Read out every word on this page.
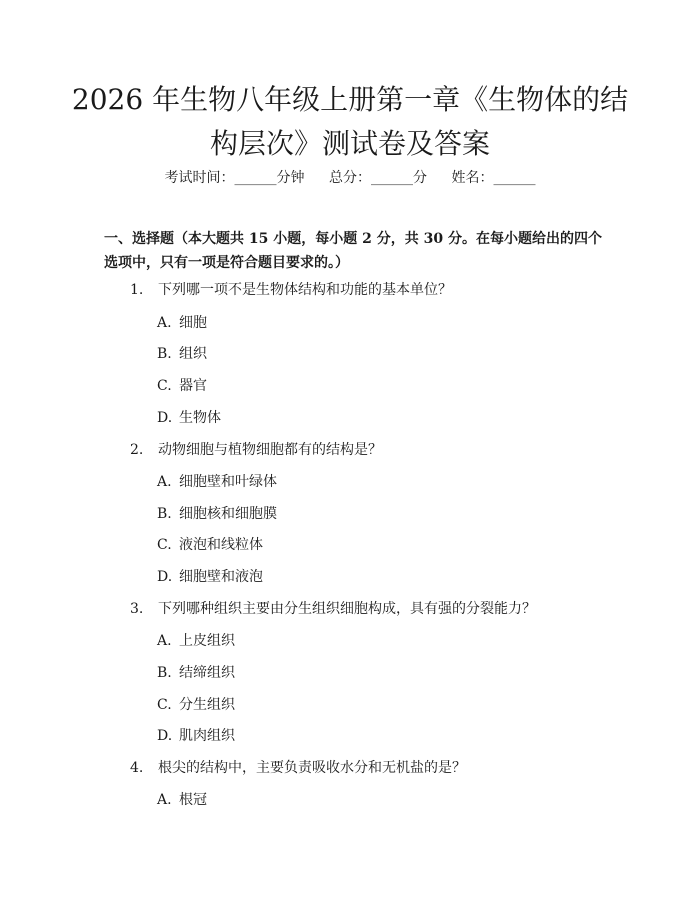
2026 年生物八年级上册第一章《生物体的结
构层次》测试卷及答案
考试时间：______分钟 总分：______分 姓名：______

一、选择题（本大题共 15 小题，每小题 2 分，共 30 分。在每小题给出的四个选项中，只有一项是符合题目要求的。）

1. 下列哪一项不是生物体结构和功能的基本单位？
A. 细胞
B. 组织
C. 器官
D. 生物体
2. 动物细胞与植物细胞都有的结构是？
A. 细胞壁和叶绿体
B. 细胞核和细胞膜
C. 液泡和线粒体
D. 细胞壁和液泡
3. 下列哪种组织主要由分生组织细胞构成，具有强的分裂能力？
A. 上皮组织
B. 结缔组织
C. 分生组织
D. 肌肉组织
4. 根尖的结构中，主要负责吸收水分和无机盐的是？
A. 根冠
